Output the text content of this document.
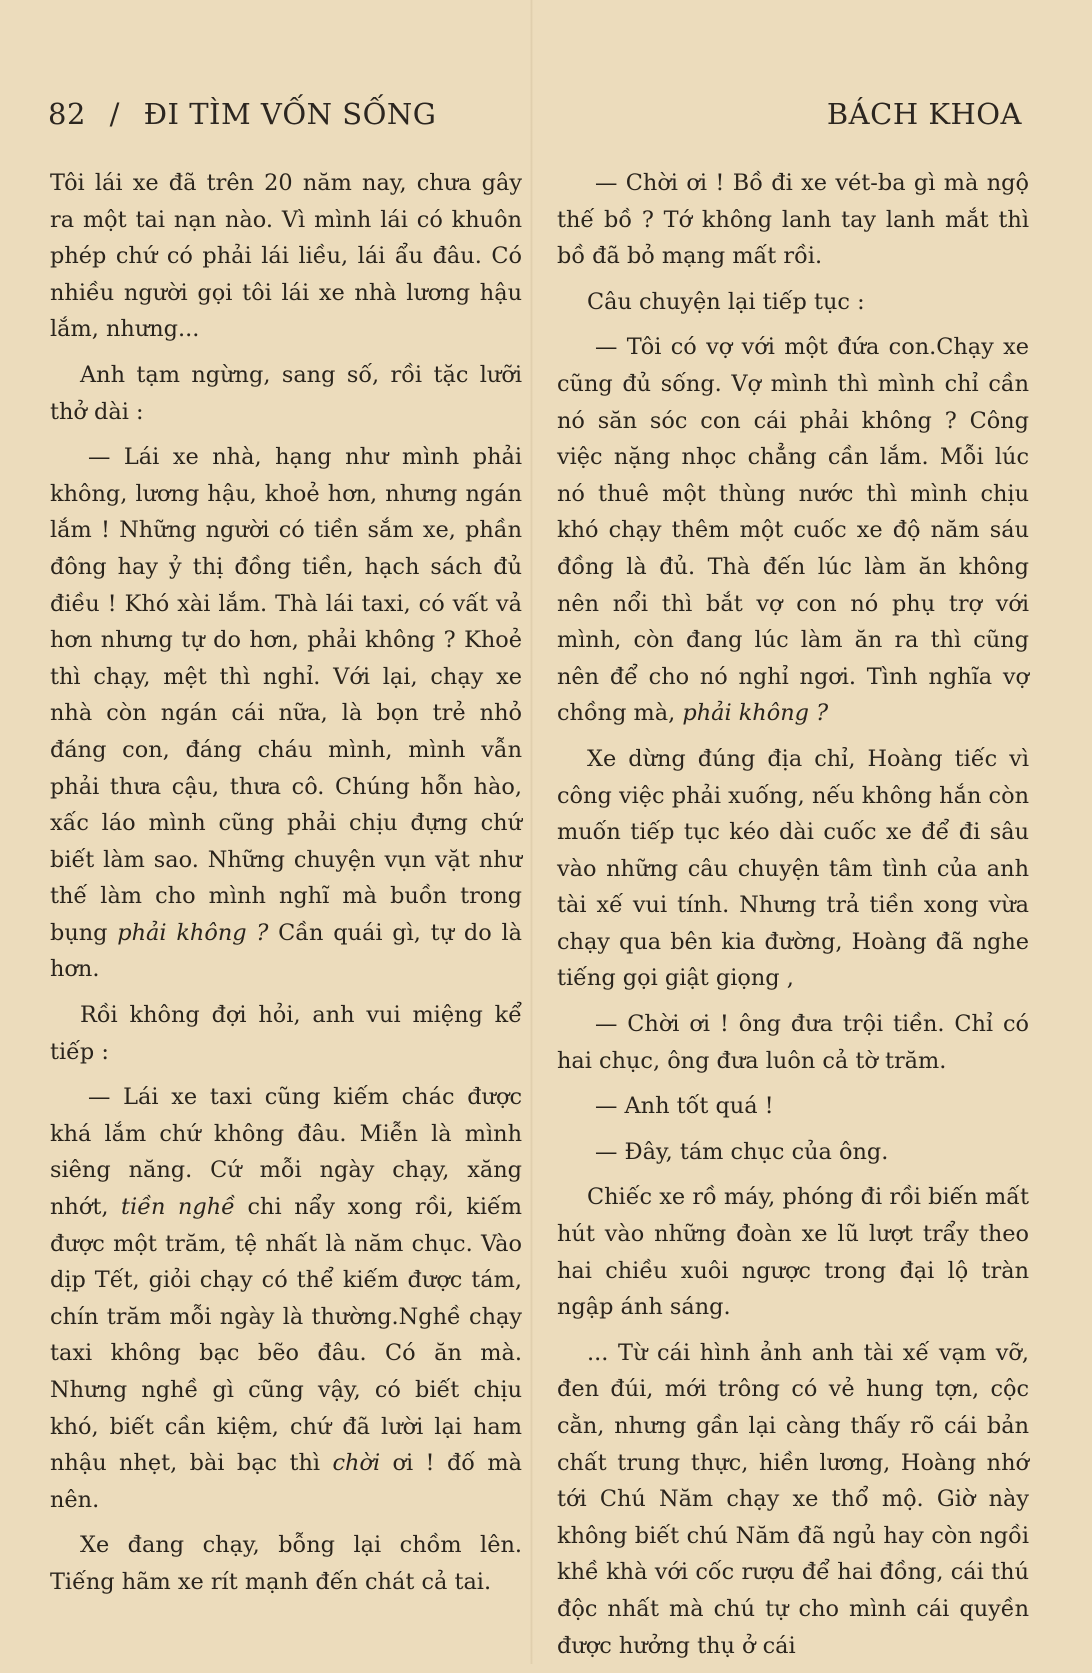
82 / ĐI TÌM VỐN SỐNG	BÁCH KHOA

Tôi lái xe đã trên 20 năm nay, chưa gây ra một tai nạn nào. Vì mình lái có khuôn phép chứ có phải lái liều, lái ẩu đâu. Có nhiều người gọi tôi lái xe nhà lương hậu lắm, nhưng...

Anh tạm ngừng, sang số, rồi tặc lưỡi thở dài :

— Lái xe nhà, hạng như mình phải không, lương hậu, khoẻ hơn, nhưng ngán lắm ! Những người có tiền sắm xe, phần đông hay ỷ thị đồng tiền, hạch sách đủ điều ! Khó xài lắm. Thà lái taxi, có vất vả hơn nhưng tự do hơn, phải không ? Khoẻ thì chạy, mệt thì nghỉ. Với lại, chạy xe nhà còn ngán cái nữa, là bọn trẻ nhỏ đáng con, đáng cháu mình, mình vẫn phải thưa cậu, thưa cô. Chúng hỗn hào, xấc láo mình cũng phải chịu đựng chứ biết làm sao. Những chuyện vụn vặt như thế làm cho mình nghĩ mà buồn trong bụng phải không ? Cần quái gì, tự do là hơn.

Rồi không đợi hỏi, anh vui miệng kể tiếp :

— Lái xe taxi cũng kiếm chác được khá lắm chứ không đâu. Miễn là mình siêng năng. Cứ mỗi ngày chạy, xăng nhớt, tiền nghề chi nẩy xong rồi, kiếm được một trăm, tệ nhất là năm chục. Vào dịp Tết, giỏi chạy có thể kiếm được tám, chín trăm mỗi ngày là thường.Nghề chạy taxi không bạc bẽo đâu. Có ăn mà. Nhưng nghề gì cũng vậy, có biết chịu khó, biết cần kiệm, chứ đã lười lại ham nhậu nhẹt, bài bạc thì chời ơi ! đố mà nên.

Xe đang chạy, bỗng lại chồm lên. Tiếng hãm xe rít mạnh đến chát cả tai.

— Chời ơi ! Bồ đi xe vét-ba gì mà ngộ thế bồ ? Tớ không lanh tay lanh mắt thì bồ đã bỏ mạng mất rồi.

Câu chuyện lại tiếp tục :

— Tôi có vợ với một đứa con.Chạy xe cũng đủ sống. Vợ mình thì mình chỉ cần nó săn sóc con cái phải không ? Công việc nặng nhọc chẳng cần lắm. Mỗi lúc nó thuê một thùng nước thì mình chịu khó chạy thêm một cuốc xe độ năm sáu đồng là đủ. Thà đến lúc làm ăn không nên nổi thì bắt vợ con nó phụ trợ với mình, còn đang lúc làm ăn ra thì cũng nên để cho nó nghỉ ngơi. Tình nghĩa vợ chồng mà, phải không ?

Xe dừng đúng địa chỉ, Hoàng tiếc vì công việc phải xuống, nếu không hắn còn muốn tiếp tục kéo dài cuốc xe để đi sâu vào những câu chuyện tâm tình của anh tài xế vui tính. Nhưng trả tiền xong vừa chạy qua bên kia đường, Hoàng đã nghe tiếng gọi giật giọng ,

— Chời ơi ! ông đưa trội tiền. Chỉ có hai chục, ông đưa luôn cả tờ trăm.

— Anh tốt quá !

— Đây, tám chục của ông.

Chiếc xe rồ máy, phóng đi rồi biến mất hút vào những đoàn xe lũ lượt trẩy theo hai chiều xuôi ngược trong đại lộ tràn ngập ánh sáng.

... Từ cái hình ảnh anh tài xế vạm vỡ, đen đúi, mới trông có vẻ hung tợn, cộc cằn, nhưng gần lại càng thấy rõ cái bản chất trung thực, hiền lương, Hoàng nhớ tới Chú Năm chạy xe thổ mộ. Giờ này không biết chú Năm đã ngủ hay còn ngồi khề khà với cốc rượu để hai đồng, cái thú độc nhất mà chú tự cho mình cái quyền được hưởng thụ ở cái
